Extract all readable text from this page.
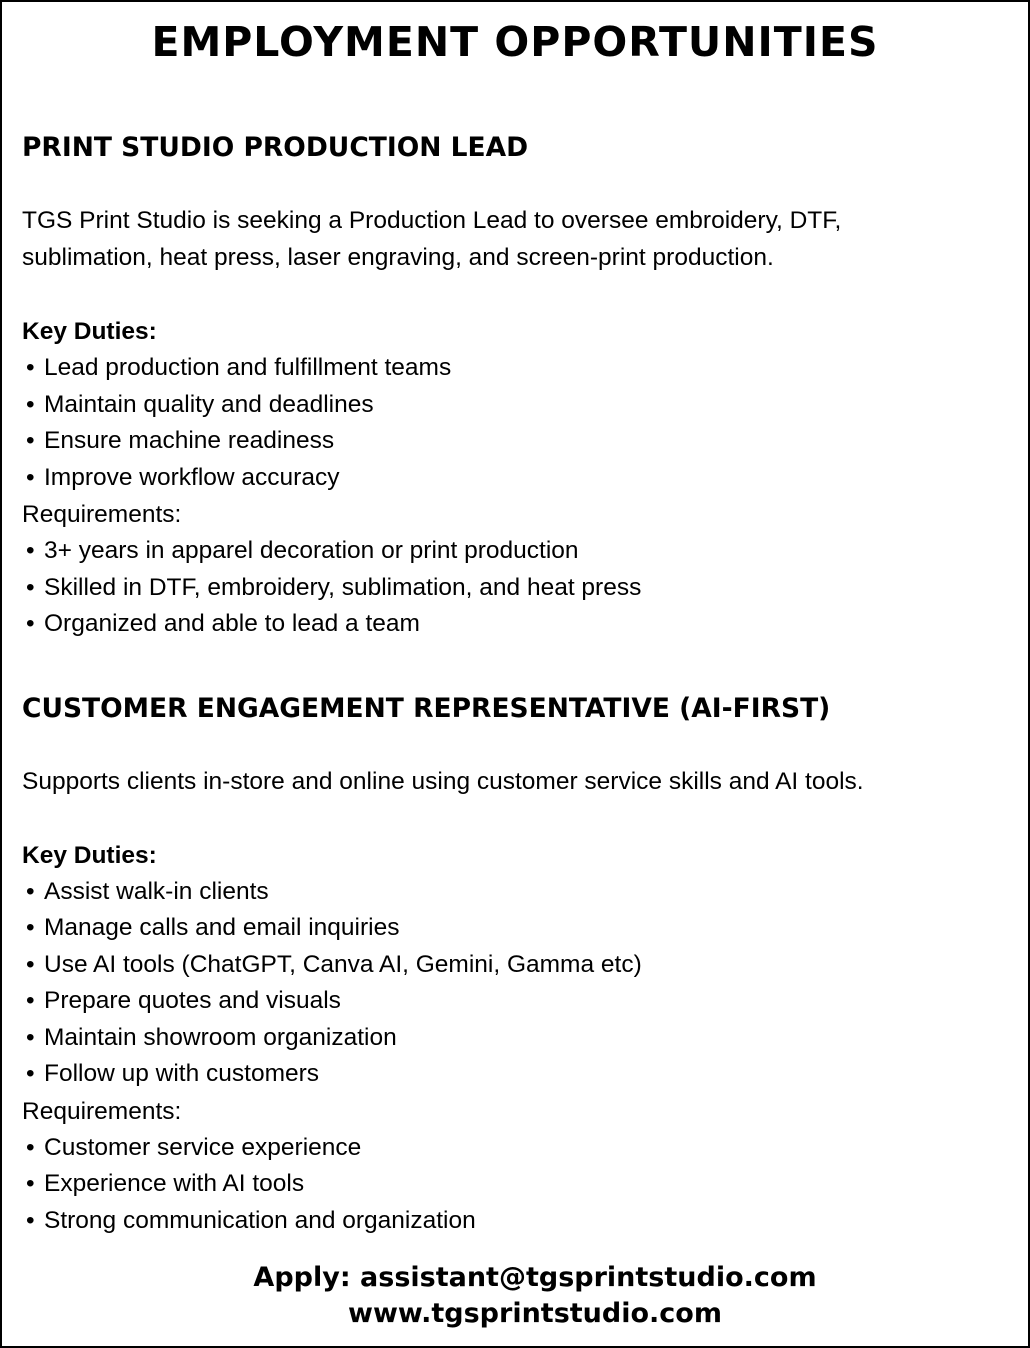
EMPLOYMENT OPPORTUNITIES
PRINT STUDIO PRODUCTION LEAD

TGS Print Studio is seeking a Production Lead to oversee embroidery, DTF,

sublimation, heat press, laser engraving, and screen-print production.

Key Duties:
• Lead production and fulfillment teams
• Maintain quality and deadlines
• Ensure machine readiness
• Improve workflow accuracy
Requirements:
• 3+ years in apparel decoration or print production
• Skilled in DTF, embroidery, sublimation, and heat press
• Organized and able to lead a team
CUSTOMER ENGAGEMENT REPRESENTATIVE (AI-FIRST)

Supports clients in-store and online using customer service skills and AI tools.

Key Duties:
• Assist walk-in clients
• Manage calls and email inquiries
• Use AI tools (ChatGPT, Canva AI, Gemini, Gamma etc)
• Prepare quotes and visuals
• Maintain showroom organization
• Follow up with customers
Requirements:
• Customer service experience
• Experience with AI tools
• Strong communication and organization
Apply: assistant@tgsprintstudio.com
www.tgsprintstudio.com
